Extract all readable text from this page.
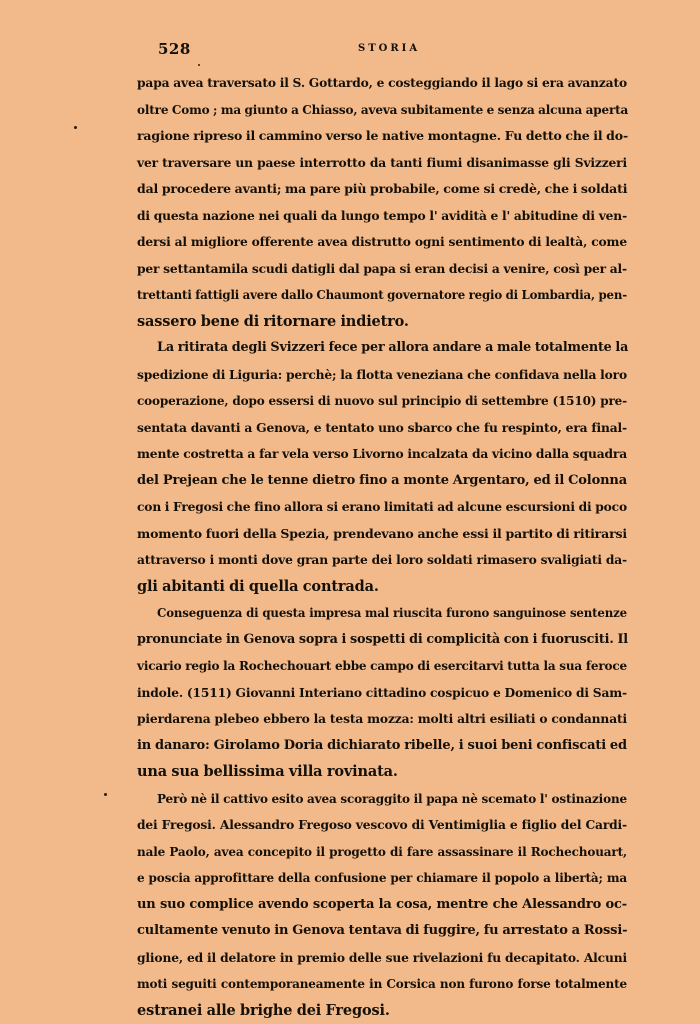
528	STORIA
papa avea traversato il S. Gottardo, e costeggiando il lago si era avanzato
oltre Como ; ma giunto a Chiasso, aveva subitamente e senza alcuna aperta
ragione ripreso il cammino verso le native montagne. Fu detto che il do-
ver traversare un paese interrotto da tanti fiumi disanimasse gli Svizzeri
dal procedere avanti; ma pare più probabile, come si credè, che i soldati
di questa nazione nei quali da lungo tempo l' avidità e l' abitudine di ven-
dersi al migliore offerente avea distrutto ogni sentimento di lealtà, come
per settantamila scudi datigli dal papa si eran decisi a venire, così per al-
trettanti fattigli avere dallo Chaumont governatore regio di Lombardia, pen-
sassero bene di ritornare indietro.
La ritirata degli Svizzeri fece per allora andare a male totalmente la
spedizione di Liguria: perchè; la flotta veneziana che confidava nella loro
cooperazione, dopo essersi di nuovo sul principio di settembre (1510) pre-
sentata davanti a Genova, e tentato uno sbarco che fu respinto, era final-
mente costretta a far vela verso Livorno incalzata da vicino dalla squadra
del Prejean che le tenne dietro fino a monte Argentaro, ed il Colonna
con i Fregosi che fino allora si erano limitati ad alcune escursioni di poco
momento fuori della Spezia, prendevano anche essi il partito di ritirarsi
attraverso i monti dove gran parte dei loro soldati rimasero svaligiati da-
gli abitanti di quella contrada.
Conseguenza di questa impresa mal riuscita furono sanguinose sentenze
pronunciate in Genova sopra i sospetti di complicità con i fuorusciti. Il
vicario regio la Rochechouart ebbe campo di esercitarvi tutta la sua feroce
indole. (1511) Giovanni Interiano cittadino cospicuo e Domenico di Sam-
pierdarena plebeo ebbero la testa mozza: molti altri esiliati o condannati
in danaro: Girolamo Doria dichiarato ribelle, i suoi beni confiscati ed
una sua bellissima villa rovinata.
Però nè il cattivo esito avea scoraggito il papa nè scemato l' ostinazione
dei Fregosi. Alessandro Fregoso vescovo di Ventimiglia e figlio del Cardi-
nale Paolo, avea concepito il progetto di fare assassinare il Rochechouart,
e poscia approfittare della confusione per chiamare il popolo a libertà; ma
un suo complice avendo scoperta la cosa, mentre che Alessandro oc-
cultamente venuto in Genova tentava di fuggire, fu arrestato a Rossi-
glione, ed il delatore in premio delle sue rivelazioni fu decapitato. Alcuni
moti seguiti contemporaneamente in Corsica non furono forse totalmente
estranei alle brighe dei Fregosi.
